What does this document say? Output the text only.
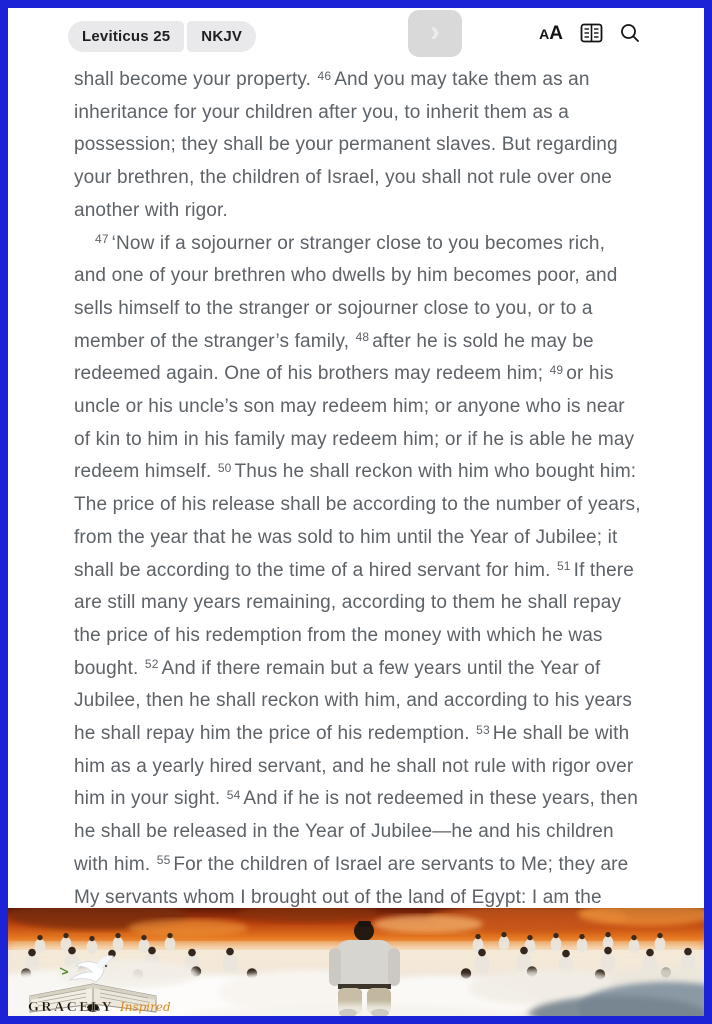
Leviticus 25	NKJV	›	AA

shall become your property. $^{46}$ And you may take them as an inheritance for your children after you, to inherit them as a possession; they shall be your permanent slaves. But regarding your brethren, the children of Israel, you shall not rule over one another with rigor.

$^{47}$ ‘Now if a sojourner or stranger close to you becomes rich, and one of your brethren who dwells by him becomes poor, and sells himself to the stranger or sojourner close to you, or to a member of the stranger’s family, $^{48}$ after he is sold he may be redeemed again. One of his brothers may redeem him; $^{49}$ or his uncle or his uncle’s son may redeem him; or anyone who is near of kin to him in his family may redeem him; or if he is able he may redeem himself. $^{50}$ Thus he shall reckon with him who bought him: The price of his release shall be according to the number of years, from the year that he was sold to him until the Year of Jubilee; it shall be according to the time of a hired servant for him. $^{51}$ If there are still many years remaining, according to them he shall repay the price of his redemption from the money with which he was bought. $^{52}$ And if there remain but a few years until the Year of Jubilee, then he shall reckon with him, and according to his years he shall repay him the price of his redemption. $^{53}$ He shall be with him as a yearly hired servant, and he shall not rule with rigor over him in your sight. $^{54}$ And if he is not redeemed in these years, then he shall be released in the Year of Jubilee—he and his children with him. $^{55}$ For the children of Israel are servants to Me; they are My servants whom I brought out of the land of Egypt: I am the

GRACELY Inspired
